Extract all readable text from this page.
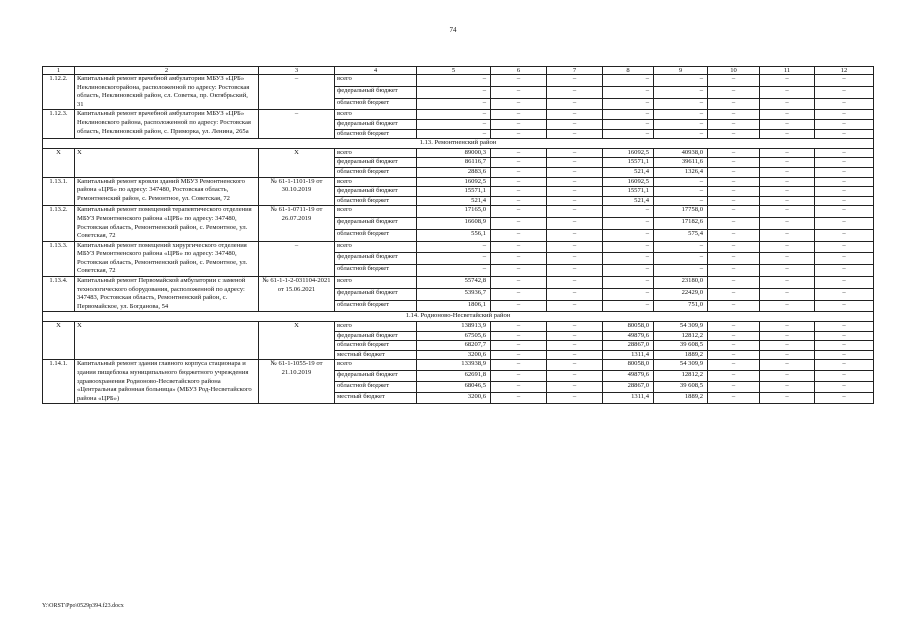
74
1	2	3	4	5	6	7	8	9	10	11	12
1.12.2.	Капитальный ремонт врачебной амбулатории МБУЗ «ЦРБ» Неклиновскогорайона, расположенной по адресу: Ростовская область, Неклиновский район, сл. Советка, пр. Октябрьский, 31	–	всего	–	–	–	–	–	–	–	–
			федеральный бюджет	–	–	–	–	–	–	–	–
			областной бюджет	–	–	–	–	–	–	–	–
1.12.3.	Капитальный ремонт врачебной амбулатории МБУЗ «ЦРБ» Неклиновского района, расположенной по адресу: Ростовская область, Неклиновский район, с. Приморка, ул. Ленина, 265а	–	всего	–	–	–	–	–	–	–	–
			федеральный бюджет	–	–	–	–	–	–	–	–
			областной бюджет	–	–	–	–	–	–	–	–
1.13. Ремонтненский район											
Х	Х	Х	всего	89000,3	–	–	16092,5	40938,0	–	–	–
			федеральный бюджет	86116,7	–	–	15571,1	39611,6	–	–	–
			областной бюджет	2883,6	–	–	521,4	1326,4	–	–	–
1.13.1.	Капитальный ремонт кровли зданий МБУЗ Ремонтненского района «ЦРБ» по адресу: 347480, Ростовская область, Ремонтненский район, с. Ремонтное, ул. Советская, 72	№ 61-1-1101-19 от 30.10.2019	всего	16092,5	–	–	16092,5	–	–	–	–
			федеральный бюджет	15571,1	–	–	15571,1	–	–	–	–
			областной бюджет	521,4	–	–	521,4	–	–	–	–
1.13.2.	Капитальный ремонт помещений терапевтического отделения МБУЗ Ремонтненского района «ЦРБ» по адресу: 347480, Ростовская область, Ремонтненский район, с. Ремонтное, ул. Советская, 72	№ 61-1-0711-19 от 26.07.2019	всего	17165,0	–	–	–	17758,0	–	–	–
			федеральный бюджет	16608,9	–	–	–	17182,6	–	–	–
			областной бюджет	556,1	–	–	–	575,4	–	–	–
1.13.3.	Капитальный ремонт помещений хирургического отделения МБУЗ Ремонтненского района «ЦРБ» по адресу: 347480, Ростовская область, Ремонтненский район, с. Ремонтное, ул. Советская, 72	–	всего	–	–	–	–	–	–	–	–
			федеральный бюджет	–	–	–	–	–	–	–	–
			областной бюджет	–	–	–	–	–	–	–	–
1.13.4.	Капитальный ремонт Первомайской амбулатории с заменой технологического оборудования, расположенной по адресу: 347483, Ростовская область, Ремонтненский район, с. Первомайское, ул. Богданова, 54	№ 61-1-1-2-031104-2021 от 15.06.2021	всего	55742,8	–	–	–	23180,0	–	–	–
			федеральный бюджет	53936,7	–	–	–	22429,0	–	–	–
			областной бюджет	1806,1	–	–	–	751,0	–	–	–
1.14. Родионово-Несветайский район											
Х	Х	Х	всего	138913,9	–	–	80058,0	54 309,9	–	–	–
			федеральный бюджет	67505,6	–	–	49879,6	12812,2	–	–	–
			областной бюджет	68207,7	–	–	28867,0	39 608,5	–	–	–
			местный бюджет	3200,6	–	–	1311,4	1889,2	–	–	–
1.14.1.	Капитальный ремонт здания главного корпуса стационара и здания пищеблока муниципального бюджетного учреждения здравоохранения Родионово-Несветайского района «Центральная районная больница» (МБУЗ Род-Несветайского района «ЦРБ»)	№ 61-1-1055-19 от 21.10.2019	всего	133938,9	–	–	80058,0	54 309,9	–	–	–
			федеральный бюджет	62691,8	–	–	49879,6	12812,2	–	–	–
			областной бюджет	68046,5	–	–	28867,0	39 608,5	–	–	–
			местный бюджет	3200,6	–	–	1311,4	1889,2	–	–	–
Y:\ORST\Ppo\0529p394.f23.docx
